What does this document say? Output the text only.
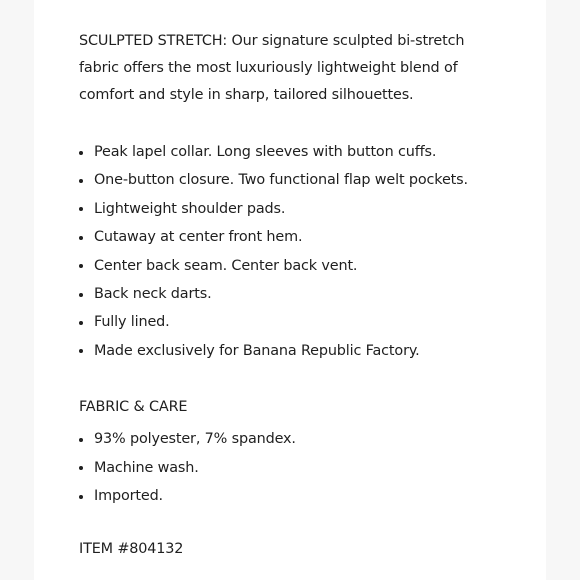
SCULPTED STRETCH: Our signature sculpted bi-stretch fabric offers the most luxuriously lightweight blend of comfort and style in sharp, tailored silhouettes.

Peak lapel collar. Long sleeves with button cuffs.
One-button closure. Two functional flap welt pockets.
Lightweight shoulder pads.
Cutaway at center front hem.
Center back seam. Center back vent.
Back neck darts.
Fully lined.
Made exclusively for Banana Republic Factory.
FABRIC & CARE
93% polyester, 7% spandex.
Machine wash.
Imported.

ITEM #804132
